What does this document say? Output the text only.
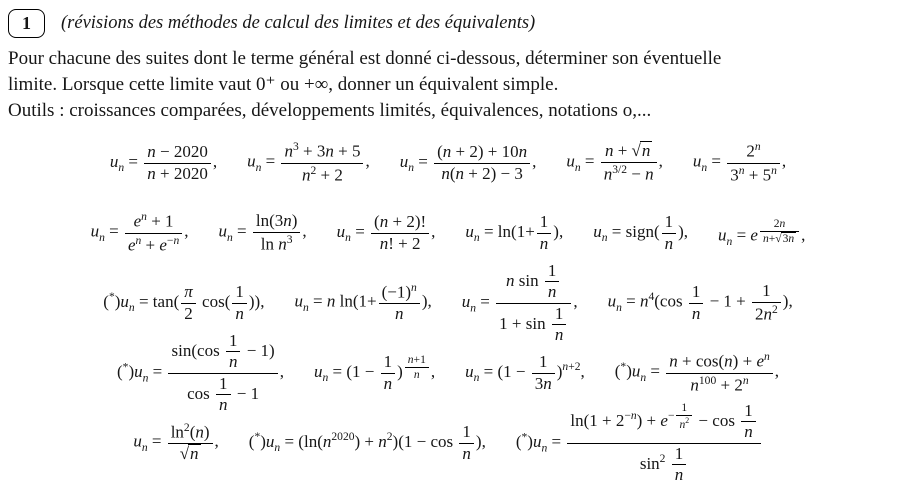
1 (révisions des méthodes de calcul des limites et des équivalents)
Pour chacune des suites dont le terme général est donné ci-dessous, déterminer son éventuelle
limite. Lorsque cette limite vaut 0⁺ ou +∞, donner un équivalent simple.
Outils : croissances comparées, développements limités, équivalences, notations o,...
$u_n = \frac{n - 2020}{n + 2020}$ , $u_n = \frac{n^3 + 3n + 5}{n^2 + 2}$ , $u_n = \frac{(n + 2) + 10n}{n(n + 2) - 3}$ , $u_n = \frac{n + √ n}{n^{3/2} - n}$ , $u_n = \frac{2^n}{3^n + 5^n}$ ,
$u_n = \frac{e^n + 1}{e^n + e^{-n}}$ , $u_n = \frac{\ln(3n)}{\ln n^3}$ , $u_n = \frac{(n + 2)!}{n! + 2}$ , $u_n = \ln(1+ \frac{1}{n}$ ), $u_n$ = sign( $\frac{1}{n}$ ), $u_n = e$ $^{\frac{2n}{n+ √ 3n}}$ ,
$(^*)u_n = \tan( \frac{\pi}{2} \cos( \frac{1}{n}$ )), $u_n = n$ $\ln(1+ \frac{(-1)^n}{n}$ ), $u_n = \frac{n \sin \frac{1}{n}}{1 + \sin \frac{1}{n}}$ , $u_n = n^4(\cos \frac{1}{n} - 1 + \frac{1}{2n^2}$ ),
$(^*)u_n = \frac{\sin(\cos \frac{1}{n} - 1)}{\cos \frac{1}{n} - 1}$ , $u_n = (1 - \frac{1}{n}$ ) $^{\frac{n+1}{n}}$ , $u_n = (1 - \frac{1}{3n} )^{n+2}$, $(^*)u_n = \frac{n + \cos(n) + e^n}{n^{100} + 2^n}$ ,
$u_n = \frac{\ln^2(n)}{√ n}$ , $(^*)u_n = (\ln(n^{2020}) + n^2)(1 - \cos \frac{1}{n}$ ), $(^*)u_n = \ln(1 + 2^{-n}) + e^{- \frac{1}{n^2}} - \cos \frac{1}{n}$
$\sin^2 \frac{1}{n}$
